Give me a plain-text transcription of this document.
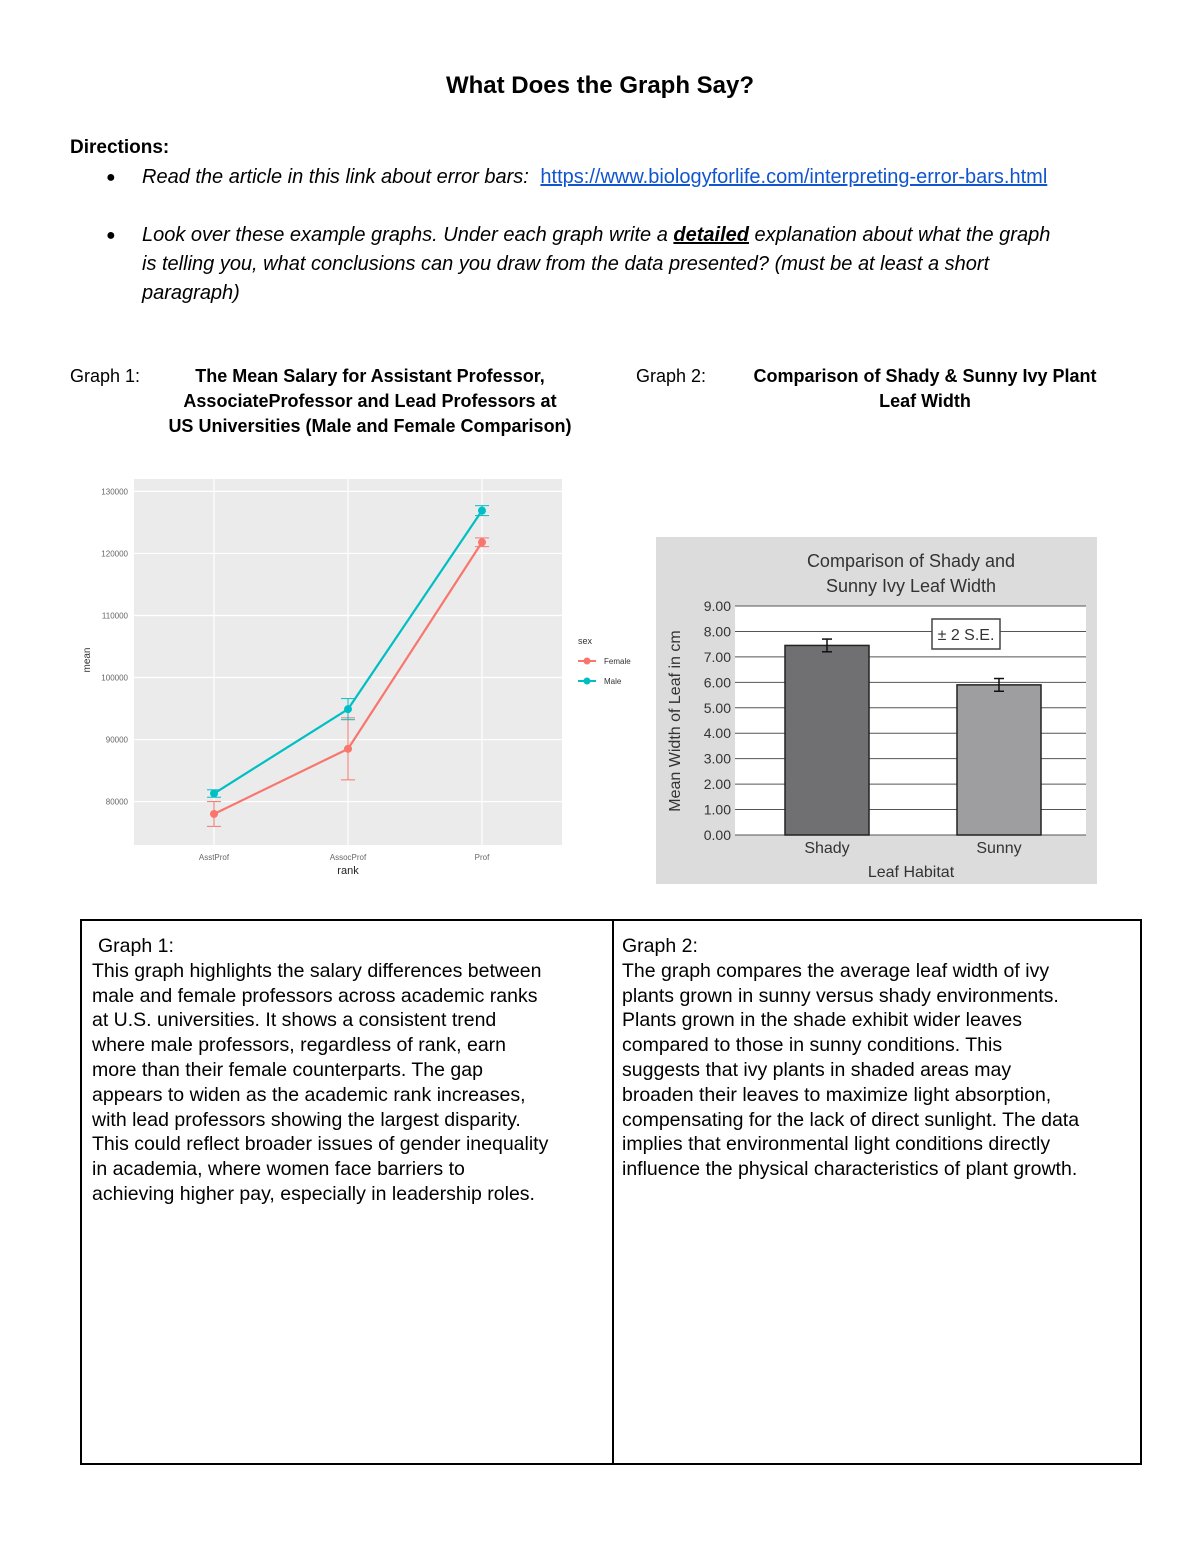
What Does the Graph Say?
Directions:
● Read the article in this link about error bars: https://www.biologyforlife.com/interpreting-error-bars.html
● Look over these example graphs. Under each graph write a detailed explanation about what the graph
is telling you, what conclusions can you draw from the data presented? (must be at least a short
paragraph)
Graph 1:	The Mean Salary for Assistant Professor,
AssociateProfessor and Lead Professors at
US Universities (Male and Female Comparison)
Graph 2:	Comparison of Shady & Sunny Ivy Plant
Leaf Width
80000
90000
100000
110000
120000
130000
AsstProf	AssocProf	Prof
mean
rank
sex
Female
Male
Comparison of Shady and
Sunny Ivy Leaf Width
0.00
1.00
2.00
3.00
4.00
5.00
6.00
7.00
8.00
9.00
Shady	Sunny
± 2 S.E.
Mean Width of Leaf in cm
Leaf Habitat
Graph 1:
This graph highlights the salary differences between
male and female professors across academic ranks
at U.S. universities. It shows a consistent trend
where male professors, regardless of rank, earn
more than their female counterparts. The gap
appears to widen as the academic rank increases,
with lead professors showing the largest disparity.
This could reflect broader issues of gender inequality
in academia, where women face barriers to
achieving higher pay, especially in leadership roles.
Graph 2:
The graph compares the average leaf width of ivy
plants grown in sunny versus shady environments.
Plants grown in the shade exhibit wider leaves
compared to those in sunny conditions. This
suggests that ivy plants in shaded areas may
broaden their leaves to maximize light absorption,
compensating for the lack of direct sunlight. The data
implies that environmental light conditions directly
influence the physical characteristics of plant growth.
